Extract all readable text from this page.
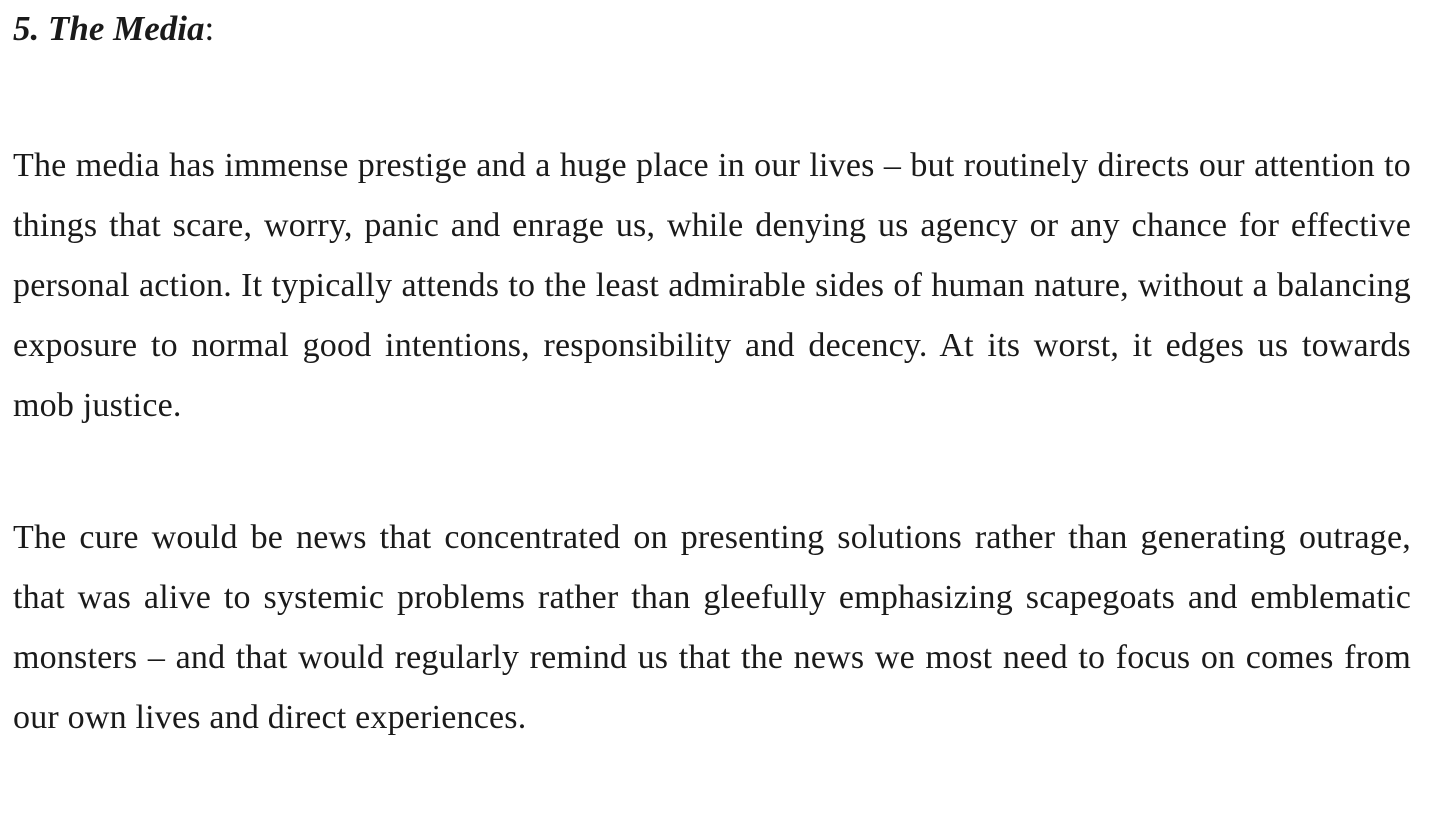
5. The Media:

The media has immense prestige and a huge place in our lives – but routinely directs our attention to things that scare, worry, panic and enrage us, while denying us agency or any chance for effective personal action. It typically attends to the least admirable sides of human nature, without a balancing exposure to normal good intentions, responsibility and decency. At its worst, it edges us towards mob justice.

The cure would be news that concentrated on presenting solutions rather than generating outrage, that was alive to systemic problems rather than gleefully emphasizing scapegoats and emblematic monsters – and that would regularly remind us that the news we most need to focus on comes from our own lives and direct experiences.
